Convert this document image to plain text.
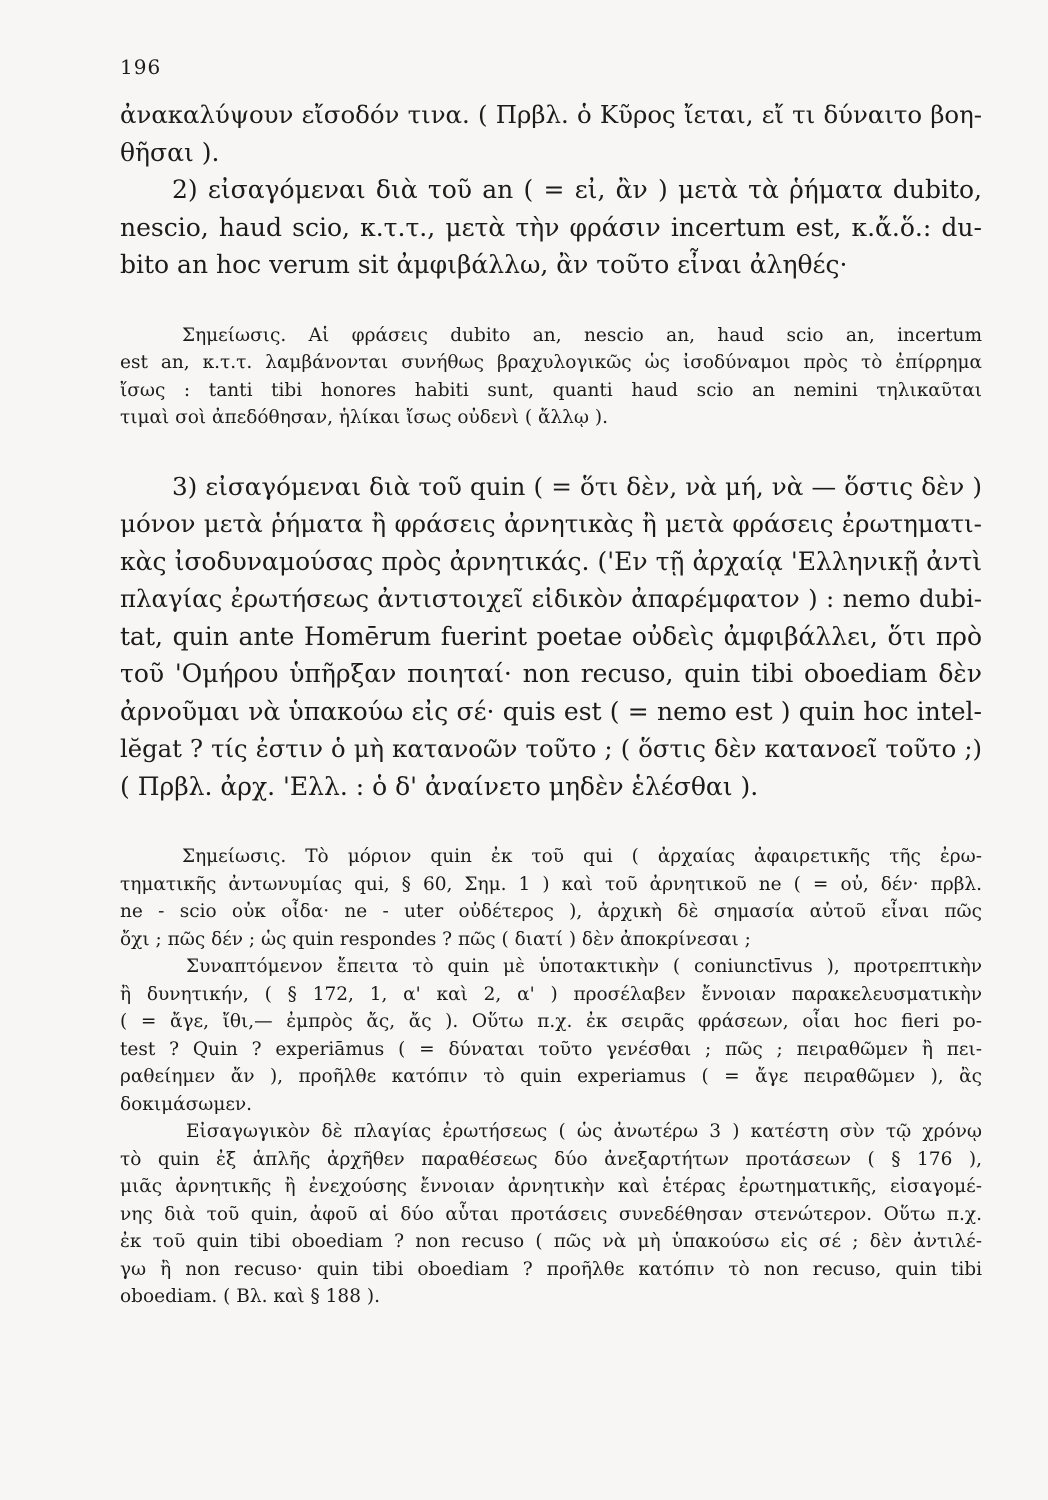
196

ἀνακαλύψουν εἴσοδόν τινα. ( Πρβλ. ὁ Κῦρος ἴεται, εἴ τι δύναιτο βοη-
θῆσαι ).

2) εἰσαγόμεναι διὰ τοῦ an ( = εἰ, ἂν ) μετὰ τὰ ῥήματα dubito,

nescio, haud scio, κ.τ.τ., μετὰ τὴν φράσιν incertum est, κ.ἄ.ὅ.: du-
bito an hoc verum sit ἀμφιβάλλω, ἂν τοῦτο εἶναι ἀληθές·

Σημείωσις. Αἱ φράσεις dubito an, nescio an, haud scio an, incertum

est an, κ.τ.τ. λαμβάνονται συνήθως βραχυλογικῶς ὡς ἰσοδύναμοι πρὸς τὸ ἐπίρρημα
ἴσως : tanti tibi honores habiti sunt, quanti haud scio an nemini τηλικαῦται
τιμαὶ σοὶ ἀπεδόθησαν, ἡλίκαι ἴσως οὐδενὶ ( ἄλλῳ ).

3) εἰσαγόμεναι διὰ τοῦ quin ( = ὅτι δὲν, νὰ μή, νὰ — ὅστις δὲν )

μόνον μετὰ ῥήματα ἢ φράσεις ἀρνητικὰς ἢ μετὰ φράσεις ἐρωτηματι-
κὰς ἰσοδυναμούσας πρὸς ἀρνητικάς. ('Εν τῇ ἀρχαίᾳ 'Ελληνικῇ ἀντὶ
πλαγίας ἐρωτήσεως ἀντιστοιχεῖ εἰδικὸν ἀπαρέμφατον ) : nemo dubi-
tat, quin ante Homērum fuerint poetae οὐδεὶς ἀμφιβάλλει, ὅτι πρὸ
τοῦ 'Ομήρου ὑπῆρξαν ποιηταί· non recuso, quin tibi oboediam δὲν
ἀρνοῦμαι νὰ ὑπακούω εἰς σέ· quis est ( = nemo est ) quin hoc intel-
lĕgat ? τίς ἐστιν ὁ μὴ κατανοῶν τοῦτο ; ( ὅστις δὲν κατανοεῖ τοῦτο ;)
( Πρβλ. ἀρχ. 'Ελλ. : ὁ δ' ἀναίνετο μηδὲν ἑλέσθαι ).

Σημείωσις. Τὸ μόριον quin ἐκ τοῦ qui ( ἀρχαίας ἀφαιρετικῆς τῆς ἐρω-

τηματικῆς ἀντωνυμίας qui, § 60, Σημ. 1 ) καὶ τοῦ ἀρνητικοῦ ne ( = οὐ, δέν· πρβλ.
ne - scio οὐκ οἶδα· ne - uter οὐδέτερος ), ἀρχικὴ δὲ σημασία αὐτοῦ εἶναι πῶς
ὄχι ; πῶς δέν ; ὡς quin respondes ? πῶς ( διατί ) δὲν ἀποκρίνεσαι ;

Συναπτόμενον ἔπειτα τὸ quin μὲ ὑποτακτικὴν ( coniunctīvus ), προτρεπτικὴν

ἢ δυνητικήν, ( § 172, 1, α' καὶ 2, α' ) προσέλαβεν ἔννοιαν παρακελευσματικὴν
( = ἄγε, ἴθι,— ἐμπρὸς ἄς, ἄς ). Οὕτω π.χ. ἐκ σειρᾶς φράσεων, οἷαι hoc fieri po-
test ? Quin ? experiāmus ( = δύναται τοῦτο γενέσθαι ; πῶς ; πειραθῶμεν ἢ πει-
ραθείημεν ἄν ), προῆλθε κατόπιν τὸ quin experiamus ( = ἄγε πειραθῶμεν ), ἂς
δοκιμάσωμεν.

Εἰσαγωγικὸν δὲ πλαγίας ἐρωτήσεως ( ὡς ἀνωτέρω 3 ) κατέστη σὺν τῷ χρόνῳ

τὸ quin ἐξ ἁπλῆς ἀρχῆθεν παραθέσεως δύο ἀνεξαρτήτων προτάσεων ( § 176 ),
μιᾶς ἀρνητικῆς ἢ ἐνεχούσης ἔννοιαν ἀρνητικὴν καὶ ἑτέρας ἐρωτηματικῆς, εἰσαγομέ-
νης διὰ τοῦ quin, ἀφοῦ αἱ δύο αὗται προτάσεις συνεδέθησαν στενώτερον. Οὕτω π.χ.
ἐκ τοῦ quin tibi oboediam ? non recuso ( πῶς νὰ μὴ ὑπακούσω εἰς σέ ; δὲν ἀντιλέ-
γω ἢ non recuso· quin tibi oboediam ? προῆλθε κατόπιν τὸ non recuso, quin tibi
oboediam. ( Βλ. καὶ § 188 ).
